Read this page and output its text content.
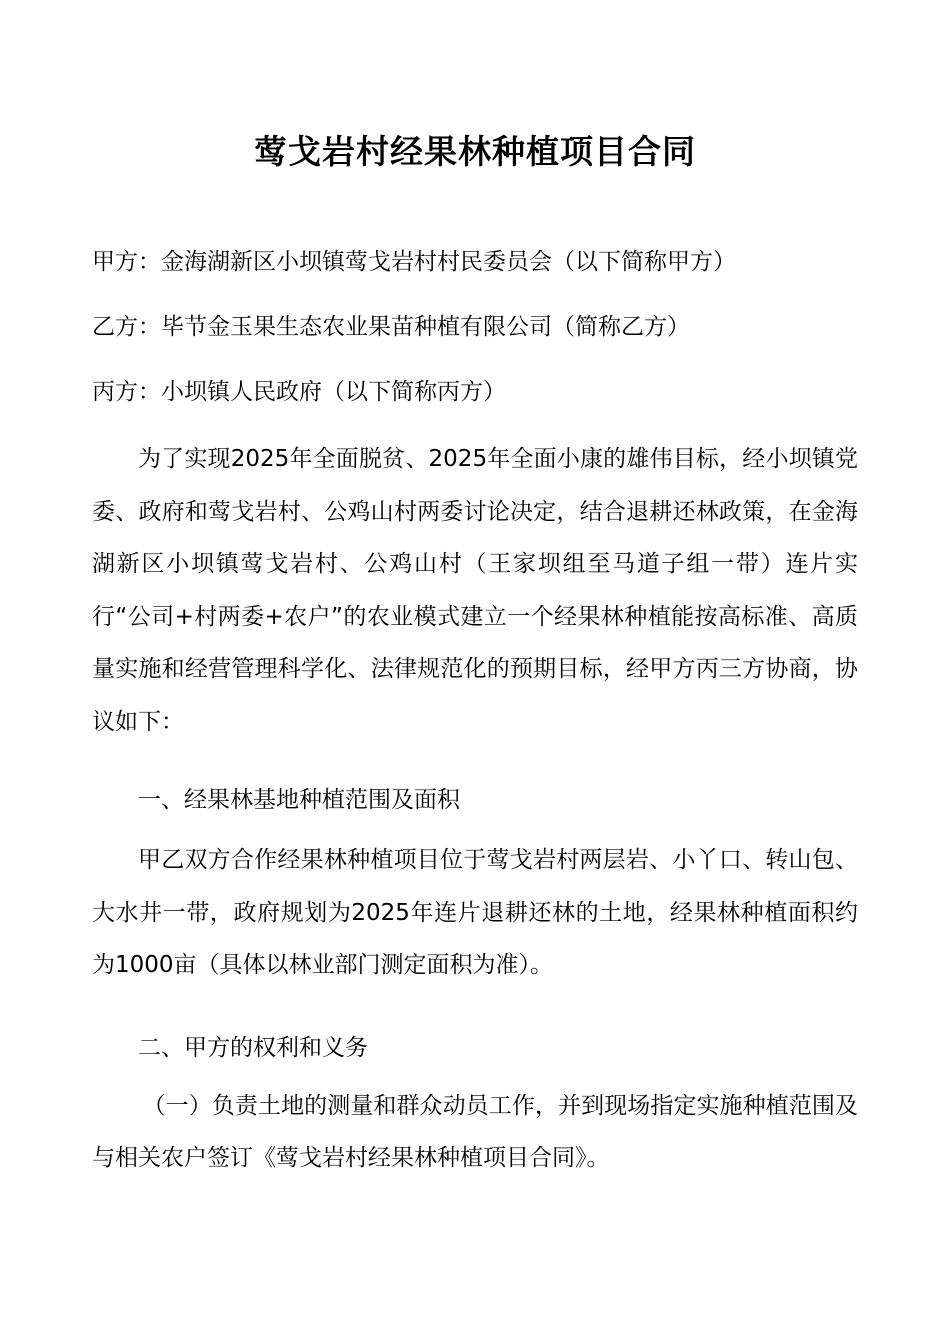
莺戈岩村经果林种植项目合同

甲方：金海湖新区小坝镇莺戈岩村村民委员会（以下简称甲方）

乙方：毕节金玉果生态农业果苗种植有限公司（简称乙方）

丙方：小坝镇人民政府（以下简称丙方）

为了实现2025年全面脱贫、2025年全面小康的雄伟目标，经小坝镇党委、政府和莺戈岩村、公鸡山村两委讨论决定，结合退耕还林政策，在金海湖新区小坝镇莺戈岩村、公鸡山村（王家坝组至马道子组一带）连片实行“公司+村两委+农户”的农业模式建立一个经果林种植能按高标准、高质量实施和经营管理科学化、法律规范化的预期目标，经甲方丙三方协商，协议如下：

一、经果林基地种植范围及面积

甲乙双方合作经果林种植项目位于莺戈岩村两层岩、小丫口、转山包、大水井一带，政府规划为2025年连片退耕还林的土地，经果林种植面积约为1000亩（具体以林业部门测定面积为准）。

二、甲方的权利和义务

（一）负责土地的测量和群众动员工作，并到现场指定实施种植范围及与相关农户签订《莺戈岩村经果林种植项目合同》。
